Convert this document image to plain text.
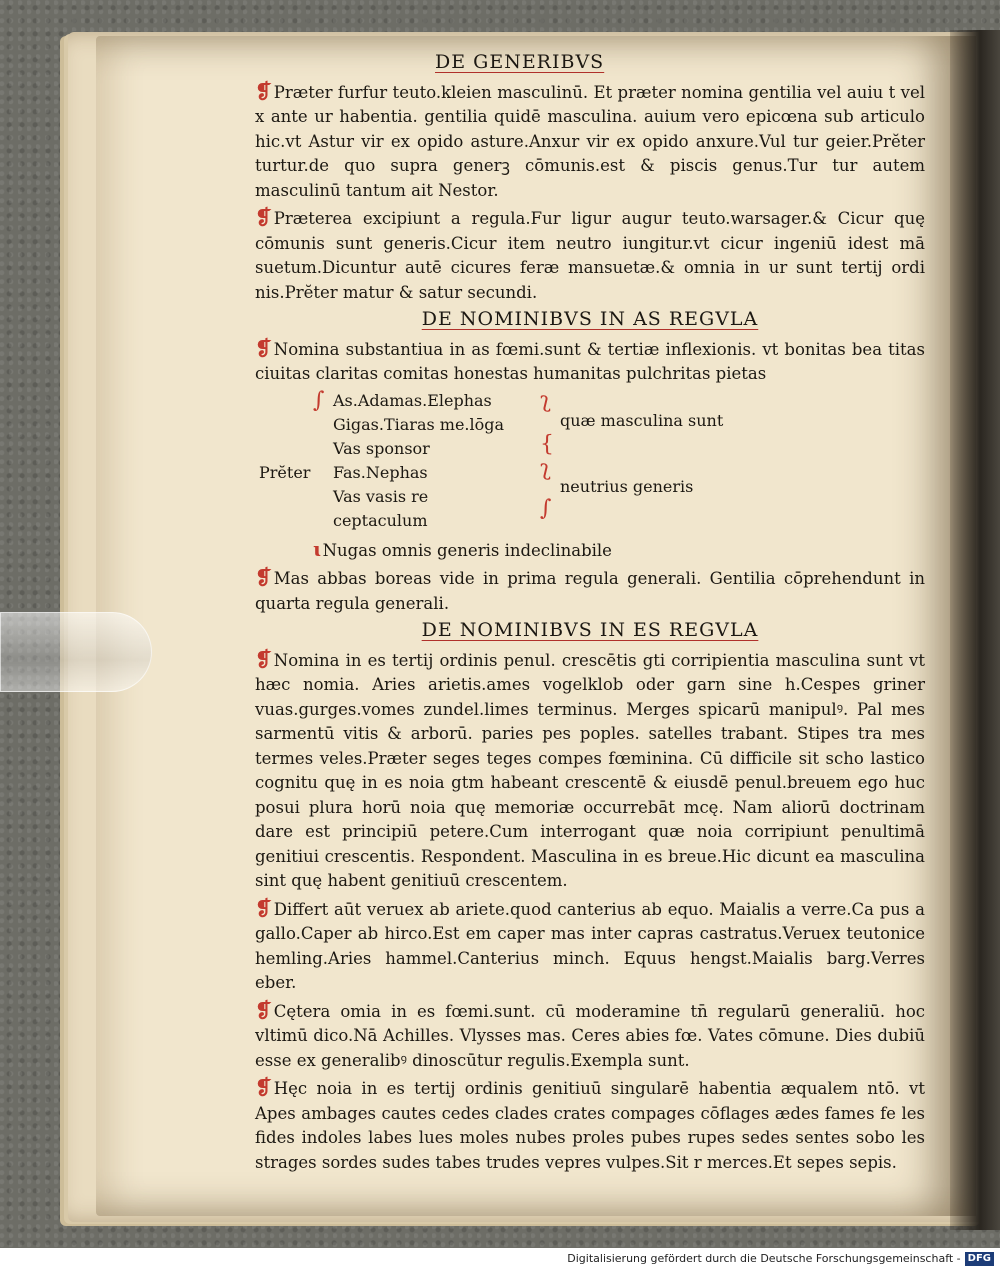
DE GENERIBVS

❡ Præter furfur teuto.kleien masculinū. Et præter nomina gentilia vel auiu t vel x ante ur habentia. gentilia quidē masculina. auium vero epicœna sub articulo hic.vt Astur vir ex opido asture.Anxur vir ex opido anxure.Vul tur geier.Prĕter turtur.de quo supra generꝫ cōmunis.est & piscis genus.Tur tur autem masculinū tantum ait Nestor.

❡ Præterea excipiunt a regula.Fur ligur augur teuto.warsager.& Cicur quę cōmunis sunt generis.Cicur item neutro iungitur.vt cicur ingeniū idest mā suetum.Dicuntur autē cicures feræ mansuetæ.& omnia in ur sunt tertij ordi nis.Prĕter matur & satur secundi.

DE NOMINIBVS IN AS REGVLA

❡ Nomina substantiua in as fœmi.sunt & tertiæ inflexionis. vt bonitas bea titas ciuitas claritas comitas honestas humanitas pulchritas pietas

∫ As.Adamas.Elephas ʅ
Gigas.Tiaras me.lōga	quæ masculina sunt
Vas sponsor	{
Prĕter Fas.Nephas	ʅ
Vas vasis re
neutrius generis
ceptaculum	∫

ɩ Nugas omnis generis indeclinabile

❡ Mas abbas boreas vide in prima regula generali. Gentilia cōprehendunt in quarta regula generali.

DE NOMINIBVS IN ES REGVLA

❡ Nomina in es tertij ordinis penul. crescētis gti corripientia masculina sunt vt hæc nomia. Aries arietis.ames vogelklob oder garn sine h.Cespes griner vuas.gurges.vomes zundel.limes terminus. Merges spicarū manipulꝰ. Pal mes sarmentū vitis & arborū. paries pes poples. satelles trabant. Stipes tra mes termes veles.Præter seges teges compes fœminina. Cū difficile sit scho lastico cognitu quę in es noia gtm habeant crescentē & eiusdē penul.breuem ego huc posui plura horū noia quę memoriæ occurrebāt mcę. Nam aliorū doctrinam dare est principiū petere.Cum interrogant quæ noia corripiunt penultimā genitiui crescentis. Respondent. Masculina in es breue.Hic dicunt ea masculina sint quę habent genitiuū crescentem.

❡ Differt aūt veruex ab ariete.quod canterius ab equo. Maialis a verre.Ca pus a gallo.Caper ab hirco.Est em caper mas inter capras castratus.Veruex teutonice hemling.Aries hammel.Canterius minch. Equus hengst.Maialis barg.Verres eber.

❡ Cętera omia in es fœmi.sunt. cū moderamine tn̄ regularū generaliū. hoc vltimū dico.Nā Achilles. Vlysses mas. Ceres abies fœ. Vates cōmune. Dies dubiū esse ex generalibꝰ dinoscūtur regulis.Exempla sunt.

❡ Hęc noia in es tertij ordinis genitiuū singularē habentia æqualem ntō. vt Apes ambages cautes cedes clades crates compages cōflages ædes fames fe les fides indoles labes lues moles nubes proles pubes rupes sedes sentes sobo les strages sordes sudes tabes trudes vepres vulpes.Sit r merces.Et sepes sepis.

Digitalisierung gefördert durch die Deutsche Forschungsgemeinschaft - DFG
